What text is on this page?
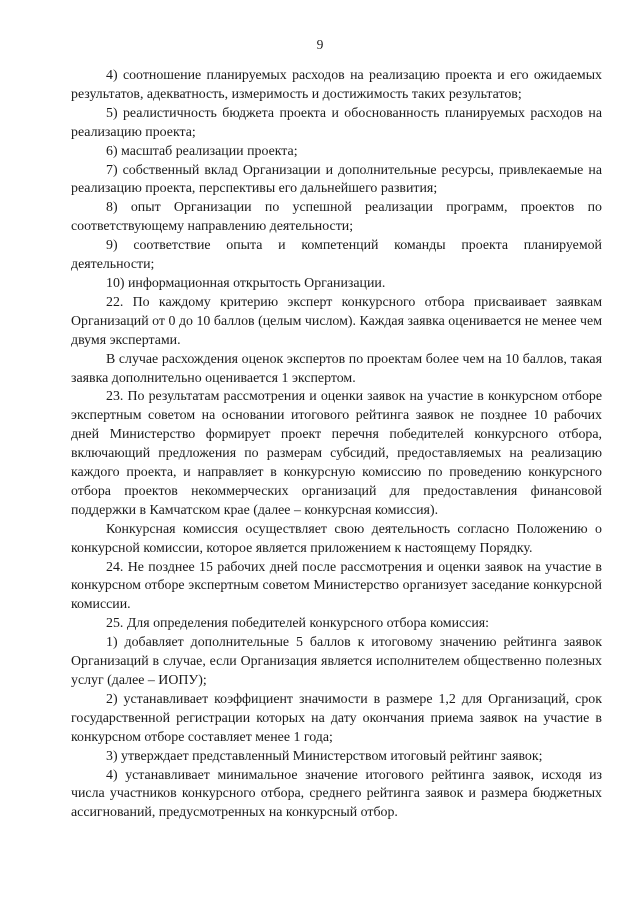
9

4) соотношение планируемых расходов на реализацию проекта и его ожидаемых результатов, адекватность, измеримость и достижимость таких результатов;

5) реалистичность бюджета проекта и обоснованность планируемых расходов на реализацию проекта;

6) масштаб реализации проекта;

7) собственный вклад Организации и дополнительные ресурсы, привлекаемые на реализацию проекта, перспективы его дальнейшего развития;

8) опыт Организации по успешной реализации программ, проектов по соответствующему направлению деятельности;

9) соответствие опыта и компетенций команды проекта планируемой деятельности;

10) информационная открытость Организации.

22. По каждому критерию эксперт конкурсного отбора присваивает заявкам Организаций от 0 до 10 баллов (целым числом). Каждая заявка оценивается не менее чем двумя экспертами.

В случае расхождения оценок экспертов по проектам более чем на 10 баллов, такая заявка дополнительно оценивается 1 экспертом.

23. По результатам рассмотрения и оценки заявок на участие в конкурсном отборе экспертным советом на основании итогового рейтинга заявок не позднее 10 рабочих дней Министерство формирует проект перечня победителей конкурсного отбора, включающий предложения по размерам субсидий, предоставляемых на реализацию каждого проекта, и направляет в конкурсную комиссию по проведению конкурсного отбора проектов некоммерческих организаций для предоставления финансовой поддержки в Камчатском крае (далее – конкурсная комиссия).

Конкурсная комиссия осуществляет свою деятельность согласно Положению о конкурсной комиссии, которое является приложением к настоящему Порядку.

24. Не позднее 15 рабочих дней после рассмотрения и оценки заявок на участие в конкурсном отборе экспертным советом Министерство организует заседание конкурсной комиссии.

25. Для определения победителей конкурсного отбора комиссия:

1) добавляет дополнительные 5 баллов к итоговому значению рейтинга заявок Организаций в случае, если Организация является исполнителем общественно полезных услуг (далее – ИОПУ);

2) устанавливает коэффициент значимости в размере 1,2 для Организаций, срок государственной регистрации которых на дату окончания приема заявок на участие в конкурсном отборе составляет менее 1 года;

3) утверждает представленный Министерством итоговый рейтинг заявок;

4) устанавливает минимальное значение итогового рейтинга заявок, исходя из числа участников конкурсного отбора, среднего рейтинга заявок и размера бюджетных ассигнований, предусмотренных на конкурсный отбор.
